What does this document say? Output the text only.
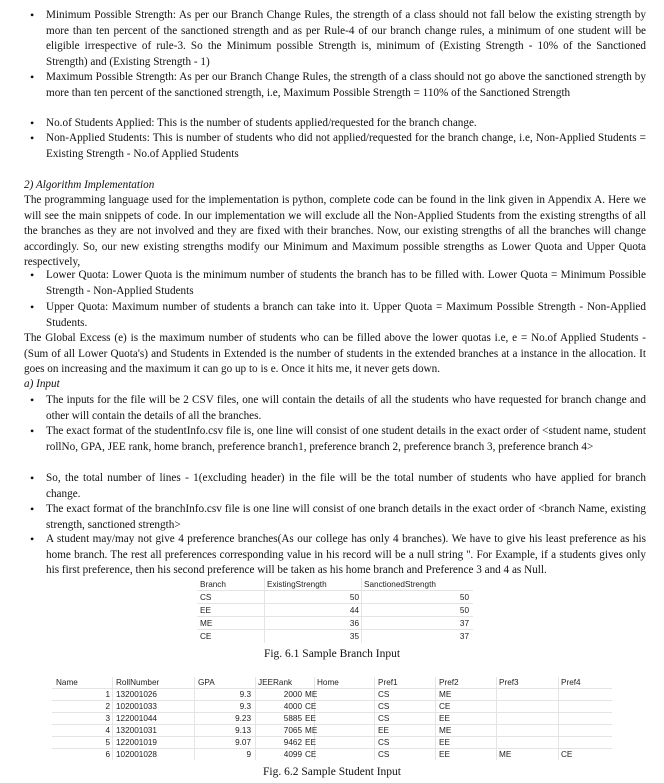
• Minimum Possible Strength: As per our Branch Change Rules, the strength of a class should not fall below the existing strength by more than ten percent of the sanctioned strength and as per Rule-4 of our branch change rules, a minimum of one student will be eligible irrespective of rule-3. So the Minimum possible Strength is, minimum of (Existing Strength - 10% of the Sanctioned Strength) and (Existing Strength - 1)
• Maximum Possible Strength: As per our Branch Change Rules, the strength of a class should not go above the sanctioned strength by more than ten percent of the sanctioned strength, i.e, Maximum Possible Strength = 110% of the Sanctioned Strength
• No.of Students Applied: This is the number of students applied/requested for the branch change.
• Non-Applied Students: This is number of students who did not applied/requested for the branch change, i.e, Non-Applied Students = Existing Strength - No.of Applied Students
2) Algorithm Implementation
The programming language used for the implementation is python, complete code can be found in the link given in Appendix A. Here we will see the main snippets of code. In our implementation we will exclude all the Non-Applied Students from the existing strengths of all the branches as they are not involved and they are fixed with their branches. Now, our existing strengths of all the branches will change accordingly. So, our new existing strengths modify our Minimum and Maximum possible strengths as Lower Quota and Upper Quota respectively,
• Lower Quota: Lower Quota is the minimum number of students the branch has to be filled with. Lower Quota = Minimum Possible Strength - Non-Applied Students
• Upper Quota: Maximum number of students a branch can take into it. Upper Quota = Maximum Possible Strength - Non-Applied Students.
The Global Excess (e) is the maximum number of students who can be filled above the lower quotas i.e, e = No.of Applied Students - (Sum of all Lower Quota's) and Students in Extended is the number of students in the extended branches at a instance in the allocation. It goes on increasing and the maximum it can go up to is e. Once it hits me, it never gets down.
a) Input
• The inputs for the file will be 2 CSV files, one will contain the details of all the students who have requested for branch change and other will contain the details of all the branches.
• The exact format of the studentInfo.csv file is, one line will consist of one student details in the exact order of <student name, student rollNo, GPA, JEE rank, home branch, preference branch1, preference branch 2, preference branch 3, preference branch 4>
• So, the total number of lines - 1(excluding header) in the file will be the total number of students who have applied for branch change.
• The exact format of the branchInfo.csv file is one line will consist of one branch details in the exact order of <branch Name, existing strength, sanctioned strength>
• A student may/may not give 4 preference branches(As our college has only 4 branches). We have to give his least preference as his home branch. The rest all preferences corresponding value in his record will be a null string ''. For Example, if a students gives only his first preference, then his second preference will be taken as his home branch and Preference 3 and 4 as Null.
Branch	ExistingStrength	SanctionedStrength
CS	50	50
EE	44	50
ME	36	37
CE	35	37
Fig. 6.1 Sample Branch Input
Name	RollNumber	GPA	JEERank	Home	Pref1	Pref2	Pref3	Pref4
1 132001026	9.3	2000 ME	CS	ME
2 102001033	9.3	4000 CE	CS	CE
3 122001044	9.23	5885 EE	CS	EE
4 132001031	9.13	7065 ME	EE	ME
5 122001019	9.07	9462 EE	CS	EE
6 102001028	9	4099 CE	CS	EE	ME	CE
Fig. 6.2 Sample Student Input
